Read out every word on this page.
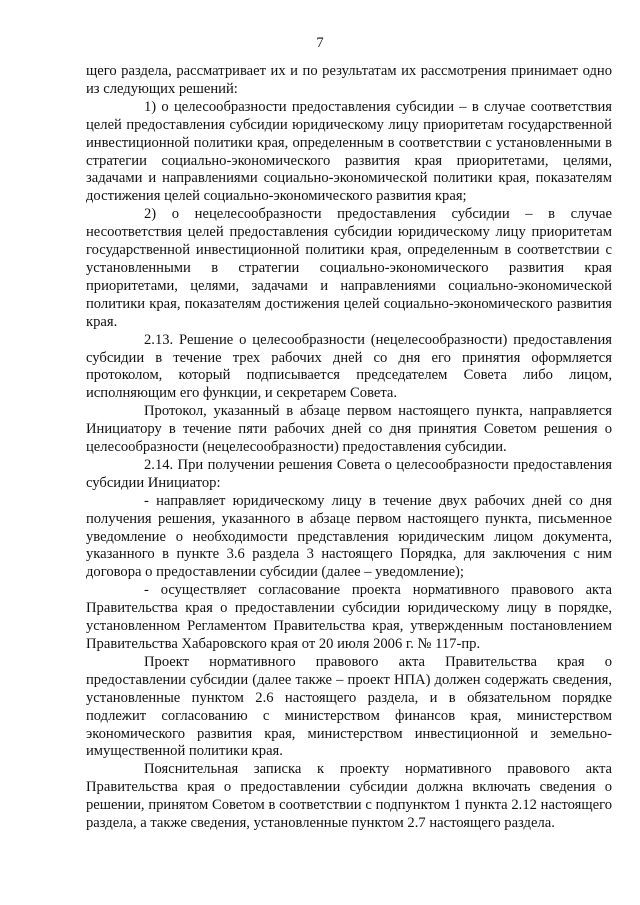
7

щего раздела, рассматривает их и по результатам их рассмотрения принимает одно из следующих решений:

1) о целесообразности предоставления субсидии – в случае соответствия целей предоставления субсидии юридическому лицу приоритетам государственной инвестиционной политики края, определенным в соответствии с установленными в стратегии социально-экономического развития края приоритетами, целями, задачами и направлениями социально-экономической политики края, показателям достижения целей социально-экономического развития края;

2) о нецелесообразности предоставления субсидии – в случае несоответствия целей предоставления субсидии юридическому лицу приоритетам государственной инвестиционной политики края, определенным в соответствии с установленными в стратегии социально-экономического развития края приоритетами, целями, задачами и направлениями социально-экономической политики края, показателям достижения целей социально-экономического развития края.

2.13. Решение о целесообразности (нецелесообразности) предоставления субсидии в течение трех рабочих дней со дня его принятия оформляется протоколом, который подписывается председателем Совета либо лицом, исполняющим его функции, и секретарем Совета.

Протокол, указанный в абзаце первом настоящего пункта, направляется Инициатору в течение пяти рабочих дней со дня принятия Советом решения о целесообразности (нецелесообразности) предоставления субсидии.

2.14. При получении решения Совета о целесообразности предоставления субсидии Инициатор:

- направляет юридическому лицу в течение двух рабочих дней со дня получения решения, указанного в абзаце первом настоящего пункта, письменное уведомление о необходимости представления юридическим лицом документа, указанного в пункте 3.6 раздела 3 настоящего Порядка, для заключения с ним договора о предоставлении субсидии (далее – уведомление);

- осуществляет согласование проекта нормативного правового акта Правительства края о предоставлении субсидии юридическому лицу в порядке, установленном Регламентом Правительства края, утвержденным постановлением Правительства Хабаровского края от 20 июля 2006 г. № 117-пр.

Проект нормативного правового акта Правительства края о предоставлении субсидии (далее также – проект НПА) должен содержать сведения, установленные пунктом 2.6 настоящего раздела, и в обязательном порядке подлежит согласованию с министерством финансов края, министерством экономического развития края, министерством инвестиционной и земельно-имущественной политики края.

Пояснительная записка к проекту нормативного правового акта Правительства края о предоставлении субсидии должна включать сведения о решении, принятом Советом в соответствии с подпунктом 1 пункта 2.12 настоящего раздела, а также сведения, установленные пунктом 2.7 настоящего раздела.
